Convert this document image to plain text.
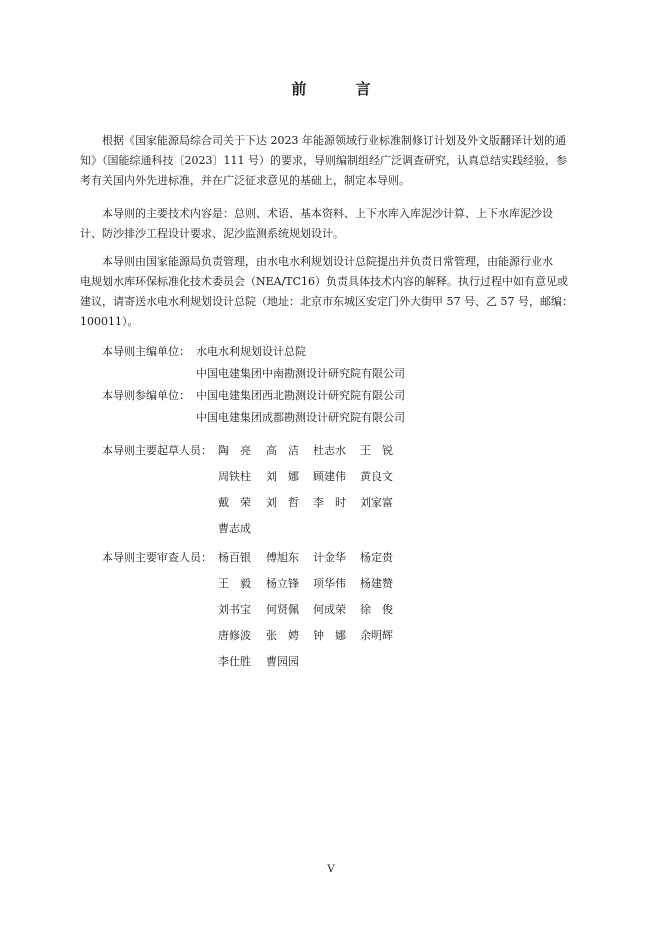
前 言
　　根据《国家能源局综合司关于下达 2023 年能源领域行业标准制修订计划及外文版翻译计划的通
知》（国能综通科技〔2023〕111 号）的要求，导则编制组经广泛调查研究，认真总结实践经验，参
考有关国内外先进标准，并在广泛征求意见的基础上，制定本导则。
　　本导则的主要技术内容是：总则、术语、基本资料、上下水库入库泥沙计算、上下水库泥沙设
计、防沙排沙工程设计要求、泥沙监测系统规划设计。
　　本导则由国家能源局负责管理，由水电水利规划设计总院提出并负责日常管理，由能源行业水
电规划水库环保标准化技术委员会（NEA/TC16）负责具体技术内容的解释。执行过程中如有意见或
建议，请寄送水电水利规划设计总院（地址：北京市东城区安定门外大街甲 57 号、乙 57 号，邮编：
100011）。
本导则主编单位： 水电水利规划设计总院
中国电建集团中南勘测设计研究院有限公司
本导则参编单位： 中国电建集团西北勘测设计研究院有限公司
中国电建集团成都勘测设计研究院有限公司
本导则主要起草人员： 陶　亮 高　洁 杜志水 王　锐
周铁柱 刘　娜 顾建伟 黄良文
戴　荣 刘　哲 李　时 刘家富
曹志成
本导则主要审查人员： 杨百银 傅旭东 计金华 杨定贵
王　毅 杨立锋 项华伟 杨建赞
刘书宝 何贤佩 何成荣 徐　俊
唐修波 张　娉 钟　娜 余明辉
李仕胜 曹园园
V
